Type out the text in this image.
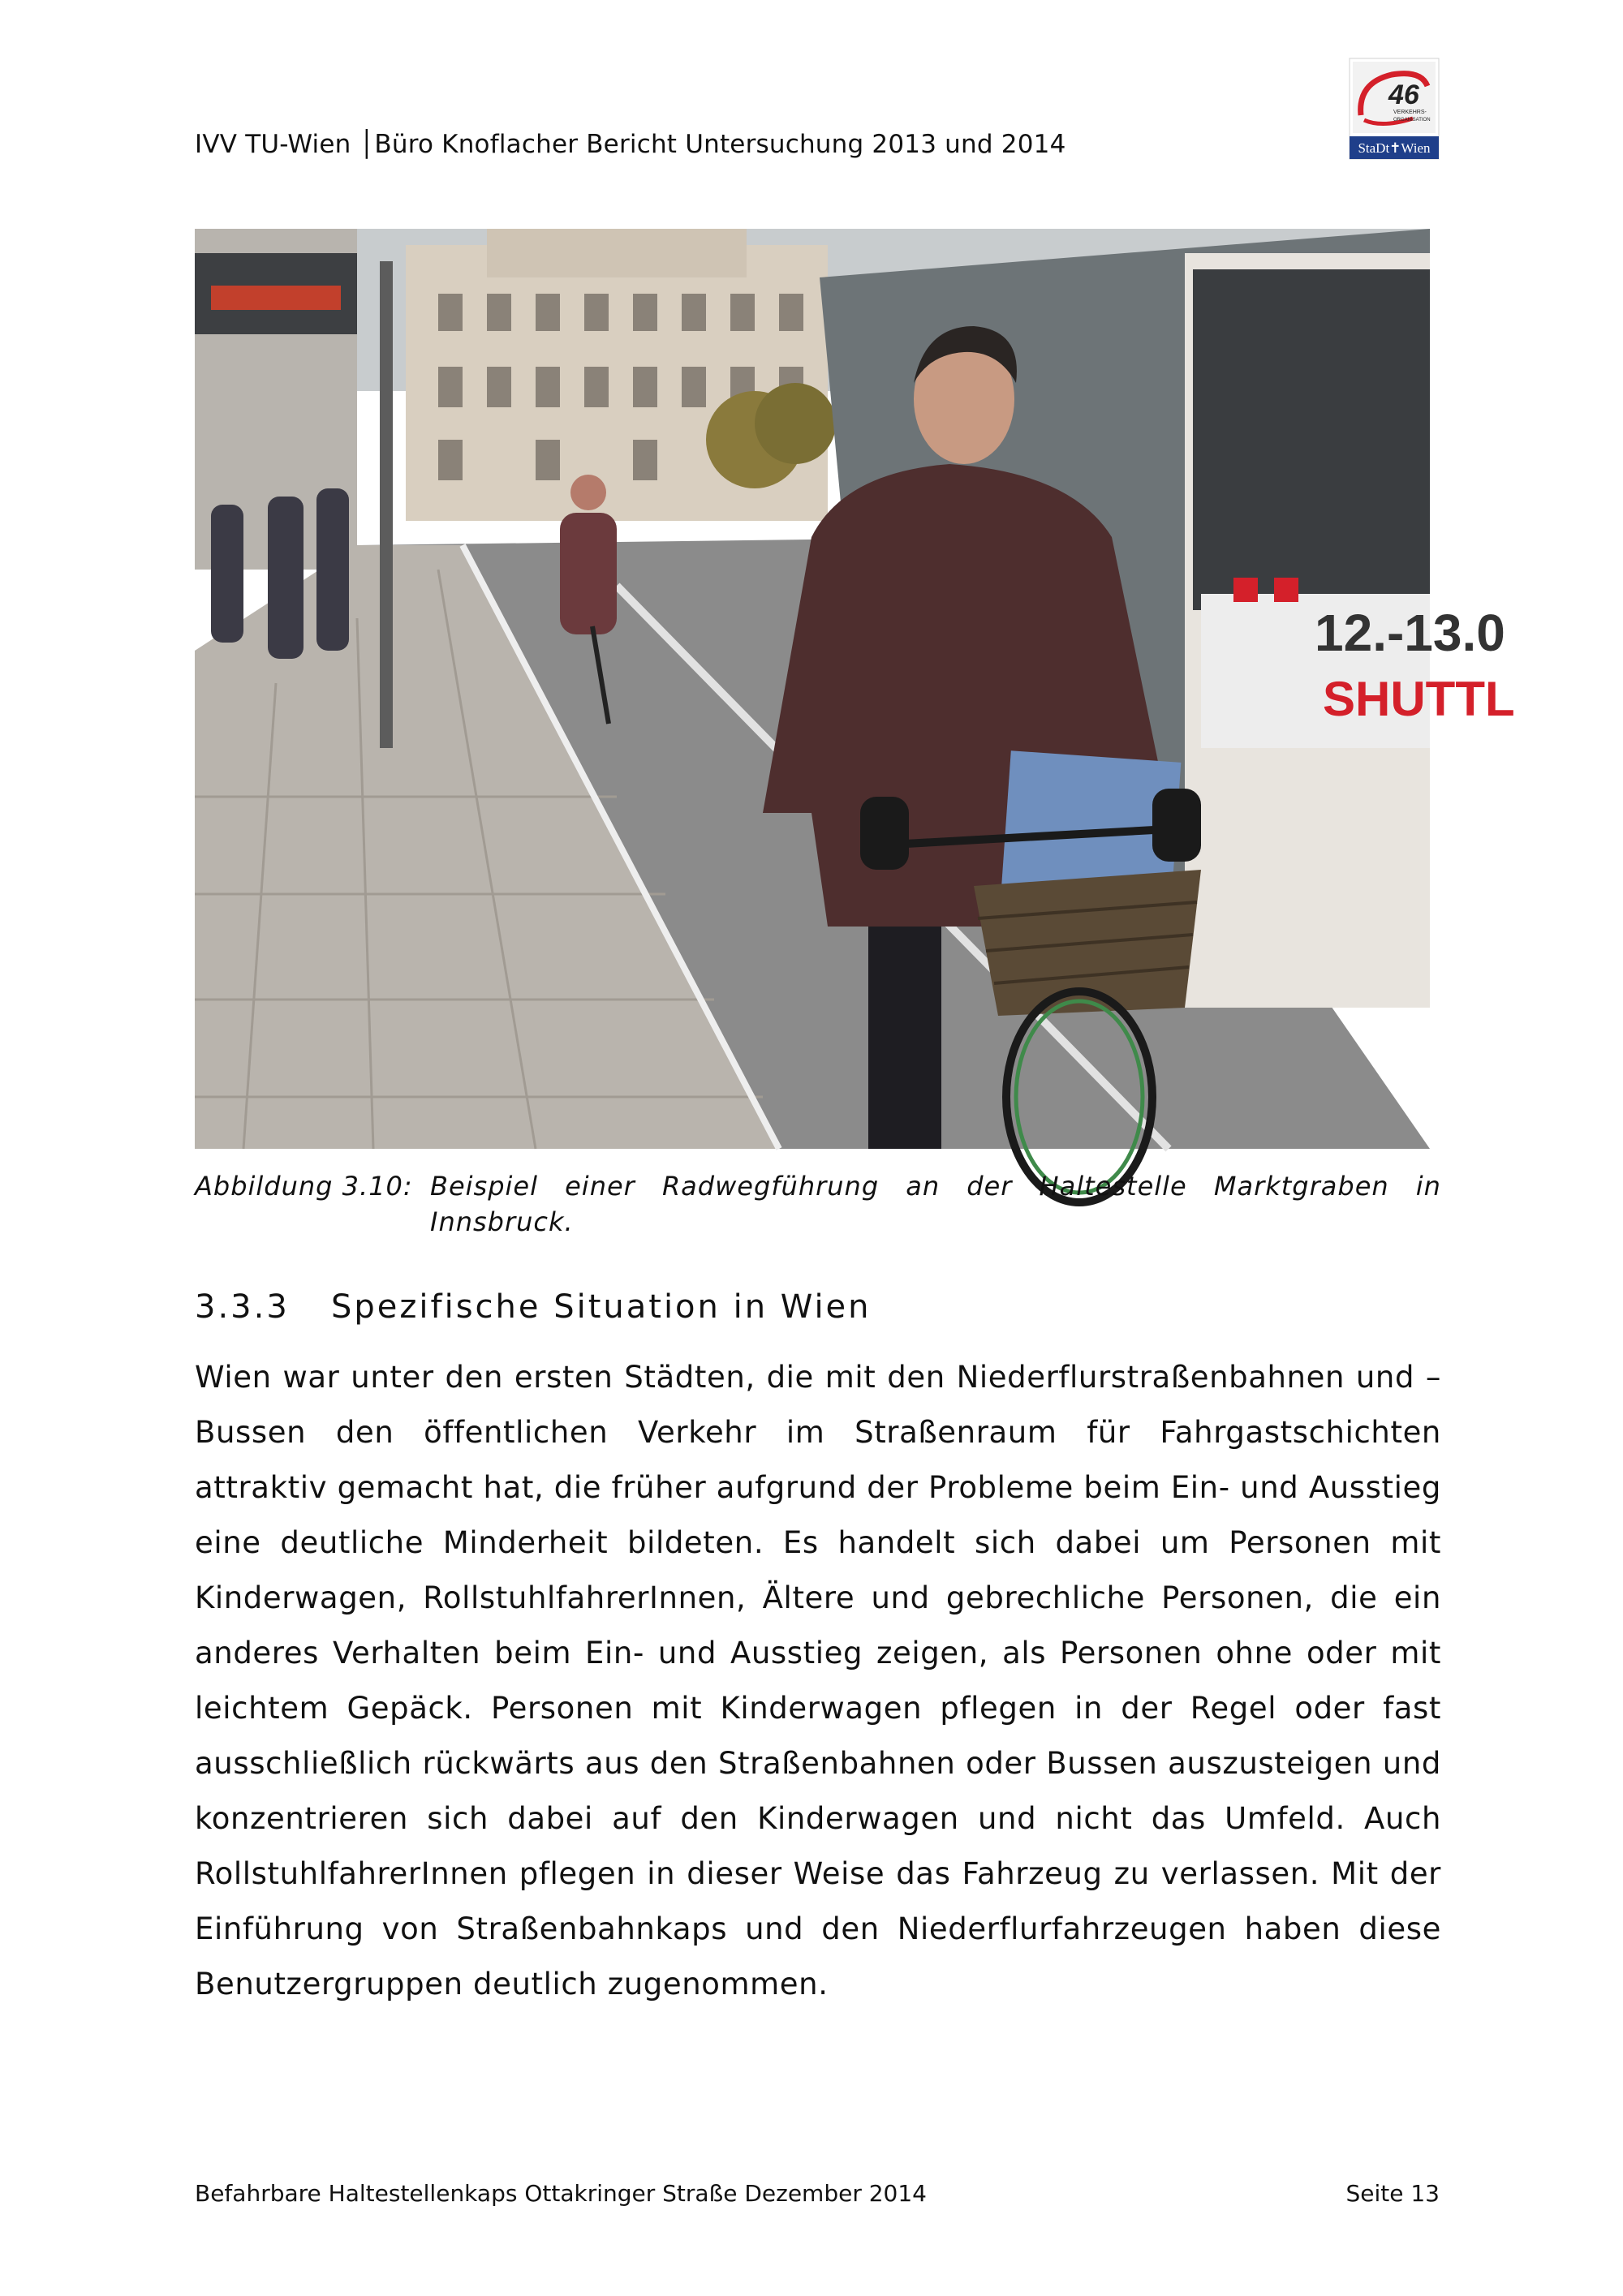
IVV TU-Wien │Büro Knoflacher Bericht Untersuchung 2013 und 2014
46
VERKEHRS-
ORGANISATION
StaDt✝Wien
12.-13.0
SHUTTL
Abbildung 3.10: Beispiel einer Radwegführung an der Haltestelle Marktgraben in
Innsbruck.
3.3.3 Spezifische Situation in Wien
Wien war unter den ersten Städten, die mit den Niederflurstraßenbahnen und – Bussen den öffentlichen Verkehr im Straßenraum für Fahrgastschichten attraktiv gemacht hat, die früher aufgrund der Probleme beim Ein- und Ausstieg eine deutliche Minderheit bildeten. Es handelt sich dabei um Personen mit Kinderwagen, RollstuhlfahrerInnen, Ältere und gebrechliche Personen, die ein anderes Verhalten beim Ein- und Ausstieg zeigen, als Personen ohne oder mit leichtem Gepäck. Personen mit Kinderwagen pflegen in der Regel oder fast ausschließlich rückwärts aus den Straßenbahnen oder Bussen auszusteigen und konzentrieren sich dabei auf den Kinderwagen und nicht das Umfeld. Auch RollstuhlfahrerInnen pflegen in dieser Weise das Fahrzeug zu verlassen. Mit der Einführung von Straßenbahnkaps und den Niederflurfahrzeugen haben diese Benutzergruppen deutlich zugenommen.
Befahrbare Haltestellenkaps Ottakringer Straße Dezember 2014	Seite 13
